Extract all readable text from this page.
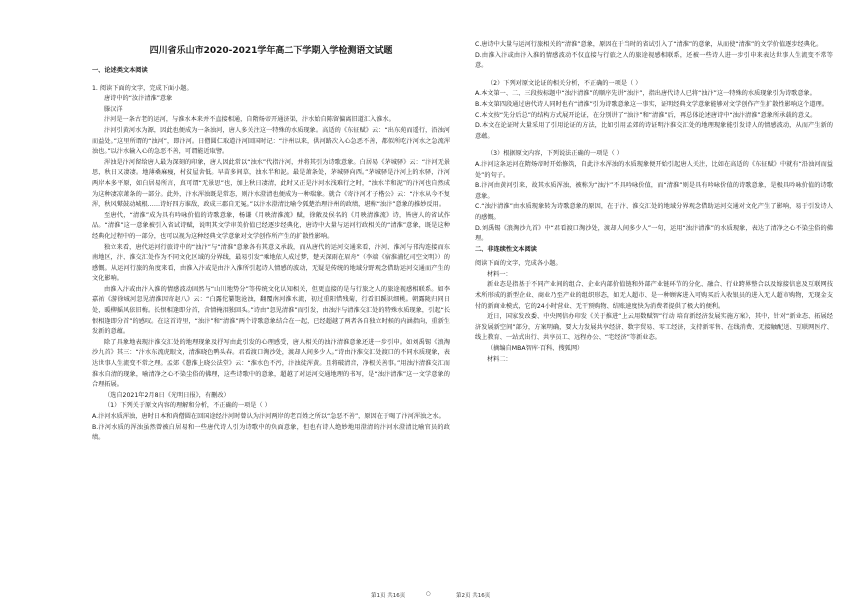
四川省乐山市2020-2021学年高二下学期入学检测语文试题

一、论述类文本阅读

1. 阅读下面的文字，完成下面小题。

唐诗中的“汝汴清淮”意象

滕汉洋

汴河是一条古老的运河，与淮水本来并不直接相通，自隋炀帝开通济渠，汴水始自陈留偏离旧道汇入淮水。

汴河引黄河水为源，因此也便成为一条浊河，唐人多关注这一特殊的水质现象。高适的《东征赋》云：“出东苑而遥行，沿浊河而益处。”这里所谓的“浊河”，即汴河。日僧圆仁取道汴河回国时记：“汴州以来，供河路次入心急恶不善，都似所吃汴河水之急流浑浊也。”以汴水输入心的急恶不善，可谓能近取譬。

浑浊是汴河留给唐人最为深刻的印象，唐人因此常以“浊水”代指汴河，并将其引为诗歌意象。白居易《茅城驿》云：“汴河无景思，秋日又凄凄。地薄桑麻瘦，村贫屋舍低。早苗多间草，浊水半和泥。最是萧条处，茅城驿向西。”茅城驿是汴河上的水驿，汴河两岸本多平原，如白居易所言，真可谓“无景思”也，加上秋日凄清，此时又正是汴河水浅难行之时，“浊水半和泥”的汴河也自然成为这种凄凉萧条的一部分。此外，汴水浑浊既是常态，则汴水澄清也便成为一种瑞象。就合《寄汴河才子楷公》云：“汴水从今不复浑，秋风鼙鼓动城根……诗好四方谁敌，政成三郡自无冤。”以汴水澄清比喻令狐楚治理汴州的政绩，堪称“浊汴”意象的推妙反用。

至唐代，“清淮”成为具有吟咏价值的诗歌意象，杨谦《月映清淮流》赋，徐敞及侯名的《月映清淮流》诗，皆唐人的省试作品。“清淮”这一意象被引入省试诗赋，说明其文学审美价值已经逐步经典化，唐诗中大量与运河行政相关的“清淮”意象，既是这种经典化过程中的一部分，也可以视为这种经典文学意象对文学创作所产生的扩散性影响。

独立来看，唐代运河行旅诗中的“浊汴”与“清淮”意象各有其意义承载，而从唐代的运河交通来看，汴河、淮河与邗沟连接而东南地区，汴、淮交汇处作为不同文化区域的分界线，最易引发“乘地依人成过梦，楚天深雨在眉舟”（李端《宿淮浦忆司空文明》）的感慨。从运河行旅的角度来看，由淮入汴或是由汴入淮所引起诗人情感的波动，无疑是传统的地域分野观念借助运河交通而产生的文化影响。

由淮入汴或由汴入淮的情感波动固然与“山川地势分”等传统文化认知相关，但更直接的是与行旅之人的旅途视感相联系。如李嘉祐《游徐城河忽见清淮因寄赵八》云：“白露佗纂饱沧浊，翻覆南河淮水流，初过重阳惜残菊，行看旧蹊识细桃。朝露陇归同日处，暖柳摇风依旧梅。长恨相逢即分首，含情掩泪独回头。”诗由“忽见清淮”而引发，由浊汴与清淮交汇处的特殊水质现象，引起“长恨相逢即分首”的感叹。在这首诗里，“浊汴”和“清淮”两个诗歌意象结合在一起，已经超越了两者各自独立时候的内涵指向，重新生发新的意蕴。

除了具象地表现汴淮交汇处的地理现象及抒写由此引发的心理感受，唐人相关的浊汴清淮意象还进一步引申。如刘禹锡《浪淘沙九首》其三：“汴水东流虎眼文，清淮晓色鸭头春。君看渡口淘沙处，渡却人间多少人。”诗由汴淮交汇处渡口的不同水质现象，表达世事人生流变不常之理。孟郊《憩淮上晓公法堂》云：“淮水色不污，汴浊徒浑黄。且将破清音，净根关善事。”用浊汴清淮交汇而淮水自清的现象，喻清净之心不染尘俗的佛理，这些诗歌中的意象，超越了对运河交通地理的书写，是“浊汴清淮”这一文学意象的合理拓展。

（选自2021年2月8日《光明日报》，有删改）

（1）下列关于原文内容的理解和分析，不正确的一项是（ ）

A.汴河水质浑浊，唐时日本和尚僧圆在回国途经汴河时曾认为汴河两岸的老百姓之所以“急恶不善”，原因在于喝了汴河浑浊之水。

B.汴河水质的浑浊虽然曾被白居易和一些唐代诗人引为诗歌中的负面意象，但也有诗人绝妙地用澄清的汴河水澄清比喻官员的政绩。

C.唐诗中大量与运河行旅相关的“清淮”意象，原因在于当时的省试引入了“清淮”的意象，从而使“清淮”的文学价值逐步经典化。

D.由淮入汴或由汴入淮的情感波动不仅直接与行旅之人的旅途视感相联系，还被一些诗人进一步引申来表达世事人生流变不常等意。

（2）下列对原文论证的相关分析，不正确的一项是（ ）

A.本文第一、二、三段按标题中“浊汴清淮”的顺序先讲“浊汴”，指出唐代诗人已将“浊汴”这一特殊的水质现象引为诗歌意象。

B.本文第四段通过唐代诗人同时也有“清淮”引为诗歌意象这一事实，证明经典文学意象能够对文学创作产生扩散性影响这个道理。

C.本文按“先分后总”的结构方式展开论证，在分别讲了“浊汴”和“清淮”后，再总体论述唐诗中“浊汴清淮”意象所承载的意义。

D.本文在论证时大量采用了引用论证的方法，比如引用孟郊的诗证明汴淮交汇处的地理现象能引发诗人的情感波动，从而产生新的意蕴。

（3）根据原文内容，下列说法正确的一项是（ ）

A.汴河这条运河在隋炀帝时开始修筑，自此汴水浑浊的水质现象便开始引起唐人关注，比如在高适的《东征赋》中就有“沿浊河而益处”的句子。

B.汴河由黄河引来，故其水质浑浊，被称为“浊汴”不具吟咏价值，而“清淮”则是具有吟咏价值的诗歌意象，是极具吟咏价值的诗歌意象。

C.“浊汴清淮”由水质现象转为诗歌意象的原因，在于汴、淮交汇处的地域分界观念借助运河交通对文化产生了影响，易于引发诗人的感慨。

D.刘禹锡《浪淘沙九首》中“君看渡口淘沙处，渡却人间多少人”一句，运用“浊汴清淮”的水质现象，表达了清净之心不染尘俗的佛理。

二、非连续性文本阅读

阅读下面的文字，完成各小题。

材料一：

新业态是指基于不同产业间的组合、企业内部价值链和外部产业链环节的分化、融合、行业跨界整合以及嫁接信息及互联网技术所形成的新型企业、商业乃至产业的组织形态，如无人超市、是一种顾客进入可购买后入收银员的进入无人超市购物，无现金支付的新商业模式，它的24小时营业、无干预购物、结账速度快为消费者提供了极大的便利。

近日，国家发改委、中央网信办印发《关于推进“上云用数赋智”行动 培育新经济发展实施方案》，其中，针对“新业态、拓展经济发展新空间”部分，方案明确，要大力发展共享经济、数字贸易、零工经济，支持新零售、在线消费、无接触配送、互联网医疗、线上教育、一站式出行、共享员工、远程办公、“宅经济”等新业态。

（摘编自MBA智库·百科、搜狐网）

材料二：

第1页 共16页	○	第2页 共16页
